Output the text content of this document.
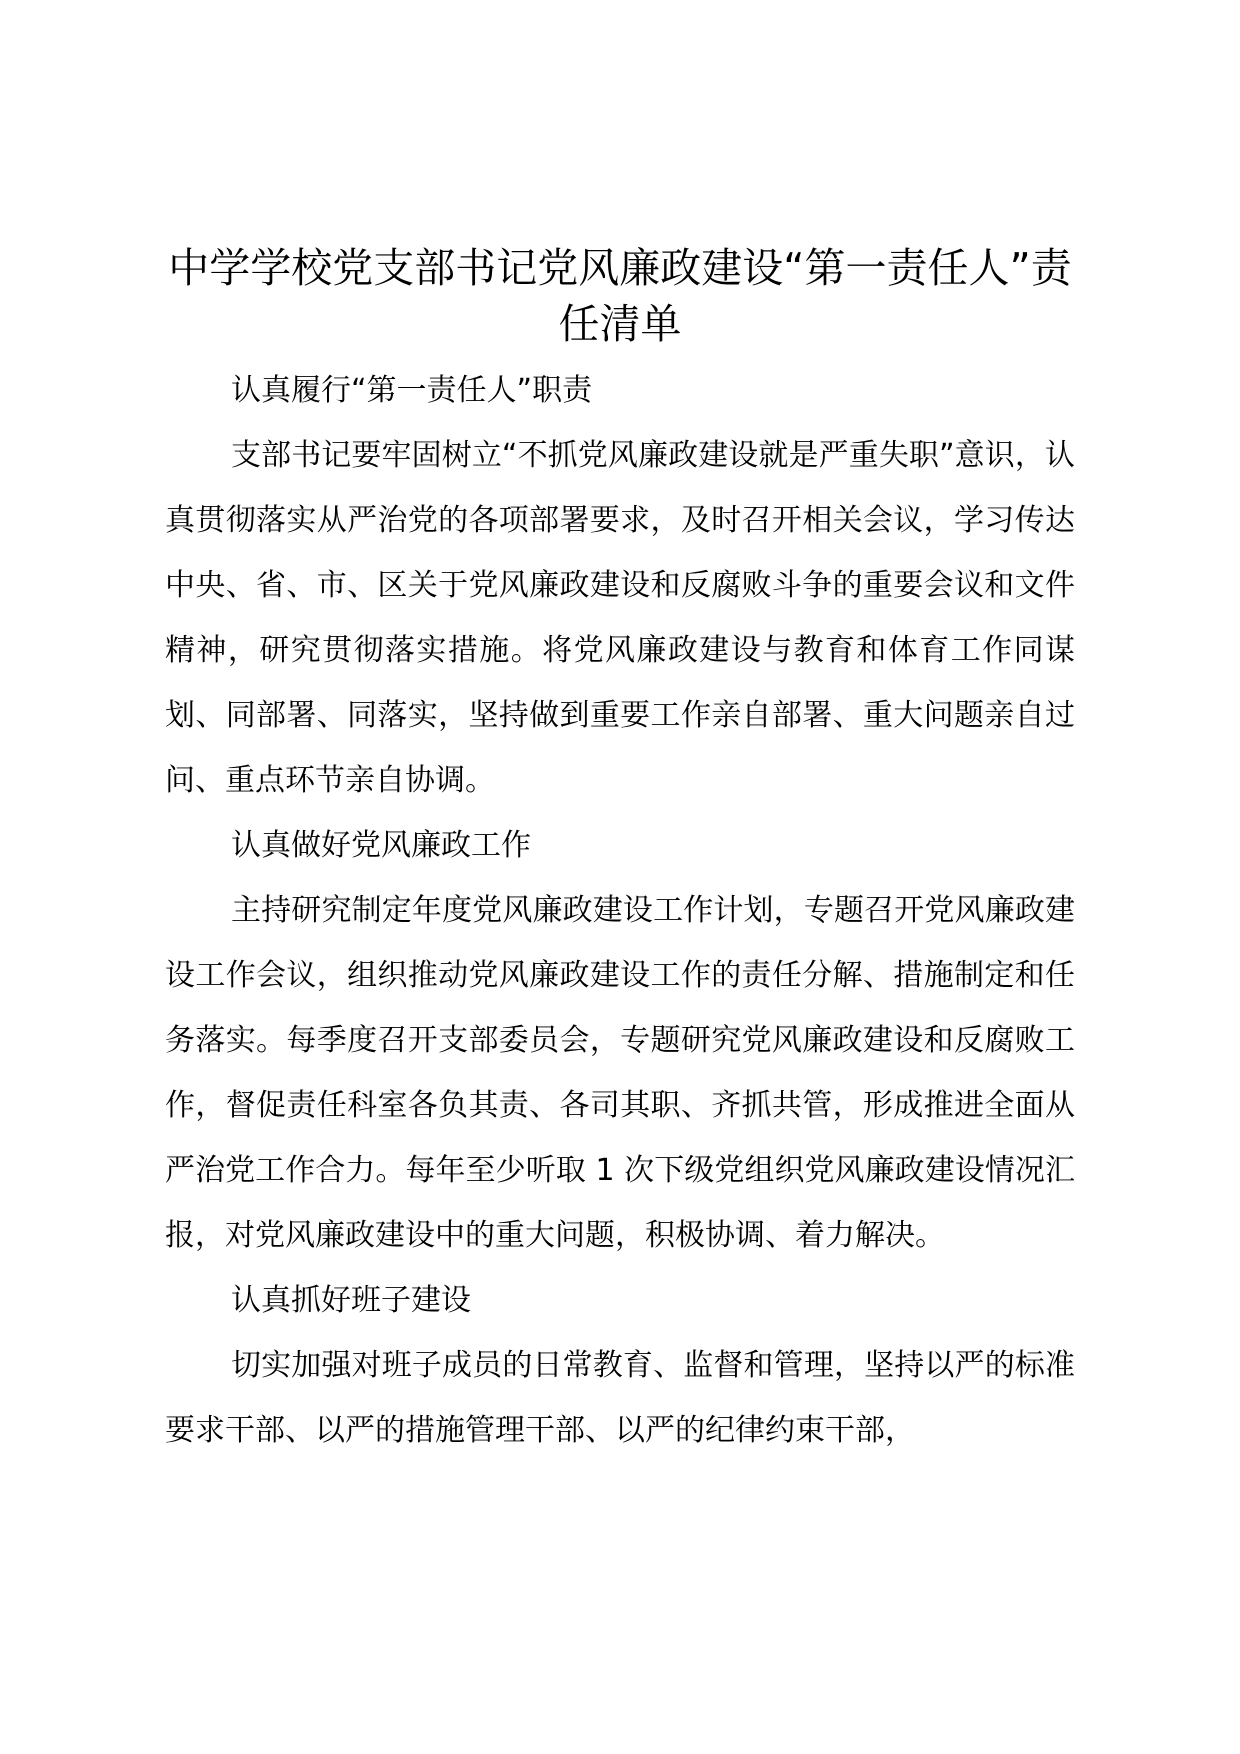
中学学校党支部书记党风廉政建设“第一责任人”责任清单

认真履行“第一责任人”职责

支部书记要牢固树立“不抓党风廉政建设就是严重失职”意识，认真贯彻落实从严治党的各项部署要求，及时召开相关会议，学习传达中央、省、市、区关于党风廉政建设和反腐败斗争的重要会议和文件精神，研究贯彻落实措施。将党风廉政建设与教育和体育工作同谋划、同部署、同落实，坚持做到重要工作亲自部署、重大问题亲自过问、重点环节亲自协调。

认真做好党风廉政工作

主持研究制定年度党风廉政建设工作计划，专题召开党风廉政建设工作会议，组织推动党风廉政建设工作的责任分解、措施制定和任务落实。每季度召开支部委员会，专题研究党风廉政建设和反腐败工作，督促责任科室各负其责、各司其职、齐抓共管，形成推进全面从严治党工作合力。每年至少听取 1 次下级党组织党风廉政建设情况汇报，对党风廉政建设中的重大问题，积极协调、着力解决。

认真抓好班子建设

切实加强对班子成员的日常教育、监督和管理，坚持以严的标准要求干部、以严的措施管理干部、以严的纪律约束干部，
